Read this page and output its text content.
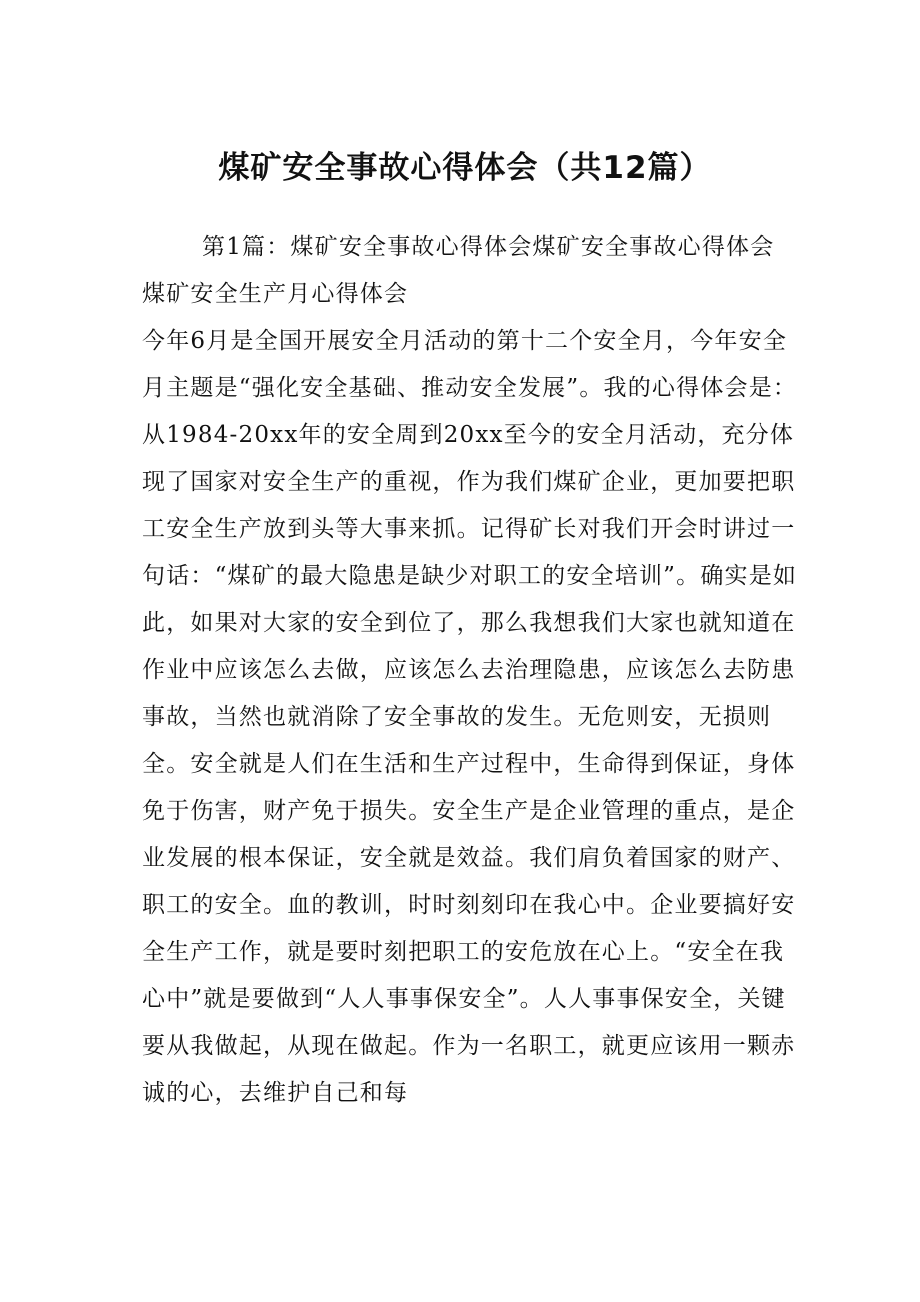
煤矿安全事故心得体会（共12篇）

第1篇：煤矿安全事故心得体会煤矿安全事故心得体会

煤矿安全生产月心得体会

今年6月是全国开展安全月活动的第十二个安全月，今年安全月主题是“强化安全基础、推动安全发展”。我的心得体会是：从1984-20xx年的安全周到20xx至今的安全月活动，充分体现了国家对安全生产的重视，作为我们煤矿企业，更加要把职工安全生产放到头等大事来抓。记得矿长对我们开会时讲过一句话：“煤矿的最大隐患是缺少对职工的安全培训”。确实是如此，如果对大家的安全到位了，那么我想我们大家也就知道在作业中应该怎么去做，应该怎么去治理隐患，应该怎么去防患事故，当然也就消除了安全事故的发生。无危则安，无损则全。安全就是人们在生活和生产过程中，生命得到保证，身体免于伤害，财产免于损失。安全生产是企业管理的重点，是企业发展的根本保证，安全就是效益。我们肩负着国家的财产、职工的安全。血的教训，时时刻刻印在我心中。企业要搞好安全生产工作，就是要时刻把职工的安危放在心上。“安全在我心中”就是要做到“人人事事保安全”。人人事事保安全，关键要从我做起，从现在做起。作为一名职工，就更应该用一颗赤诚的心，去维护自己和每
